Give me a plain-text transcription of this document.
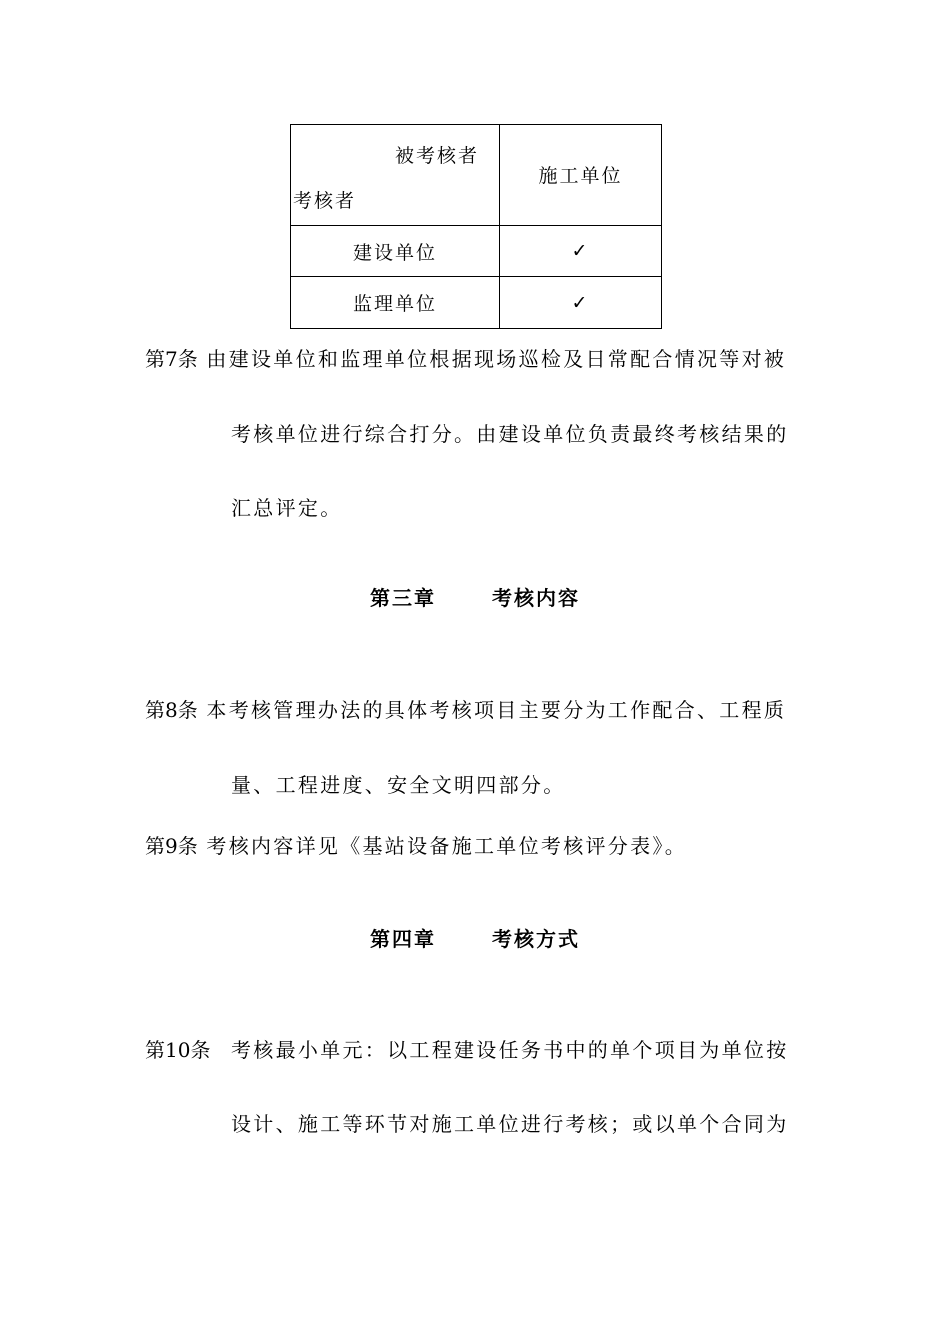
被考核者
考核者	施工单位
建设单位	✓
监理单位	✓
第7条 由建设单位和监理单位根据现场巡检及日常配合情况等对被
考核单位进行综合打分。由建设单位负责最终考核结果的
汇总评定。
第三章	考核内容
第8条 本考核管理办法的具体考核项目主要分为工作配合、工程质
量、工程进度、安全文明四部分。
第9条 考核内容详见《基站设备施工单位考核评分表》。
第四章	考核方式
第10条 考核最小单元：以工程建设任务书中的单个项目为单位按
设计、施工等环节对施工单位进行考核；或以单个合同为
